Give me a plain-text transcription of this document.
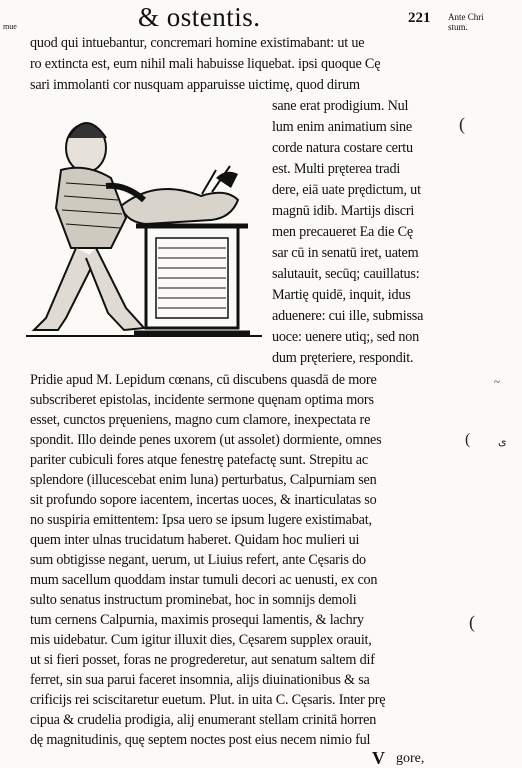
& ostentis.	221 Ante Chri
stum.
mue
(
~
ی
(
(
quod qui intuebantur, concremari homine existimabant: ut ue
ro extincta est, eum nihil mali habuisse liquebat. ipsi quoque Cę
sari immolanti cor nusquam apparuisse uictimę, quod dirum
sane erat prodigium. Nul
lum enim animatium sine
corde natura costare certu
est. Multi pręterea tradi
dere, eiā uate prędictum, ut
magnū idib. Martijs discri
men precaueret Ea die Cę
sar cū in senatū iret, uatem
salutauit, secūq; cauillatus:
Martię quidē, inquit, idus
aduenere: cui ille, submissa
uoce: uenere utiq;, sed non
dum pręteriere, respondit.
Pridie apud M. Lepidum cœnans, cū discubens quasdā de more
subscriberet epistolas, incidente sermone quęnam optima mors
esset, cunctos pręueniens, magno cum clamore, inexpectata re
spondit. Illo deinde penes uxorem (ut assolet) dormiente, omnes
pariter cubiculi fores atque fenestrę patefactę sunt. Strepitu ac
splendore (illucescebat enim luna) perturbatus, Calpurniam sen
sit profundo sopore iacentem, incertas uoces, & inarticulatas so
no suspiria emittentem: Ipsa uero se ipsum lugere existimabat,
quem inter ulnas trucidatum haberet. Quidam hoc mulieri ui
sum obtigisse negant, uerum, ut Liuius refert, ante Cęsaris do
mum sacellum quoddam instar tumuli decori ac uenusti, ex con
sulto senatus instructum prominebat, hoc in somnijs demoli
tum cernens Calpurnia, maximis prosequi lamentis, & lachry
mis uidebatur. Cum igitur illuxit dies, Cęsarem supplex orauit,
ut si fieri posset, foras ne progrederetur, aut senatum saltem dif
ferret, sin sua parui faceret insomnia, alijs diuinationibus & sa
crificijs rei sciscitaretur euetum. Plut. in uita C. Cęsaris. Inter prę
cipua & crudelia prodigia, alij enumerant stellam crinitā horren
dę magnitudinis, quę septem noctes post eius necem nimio ful
V gore,
